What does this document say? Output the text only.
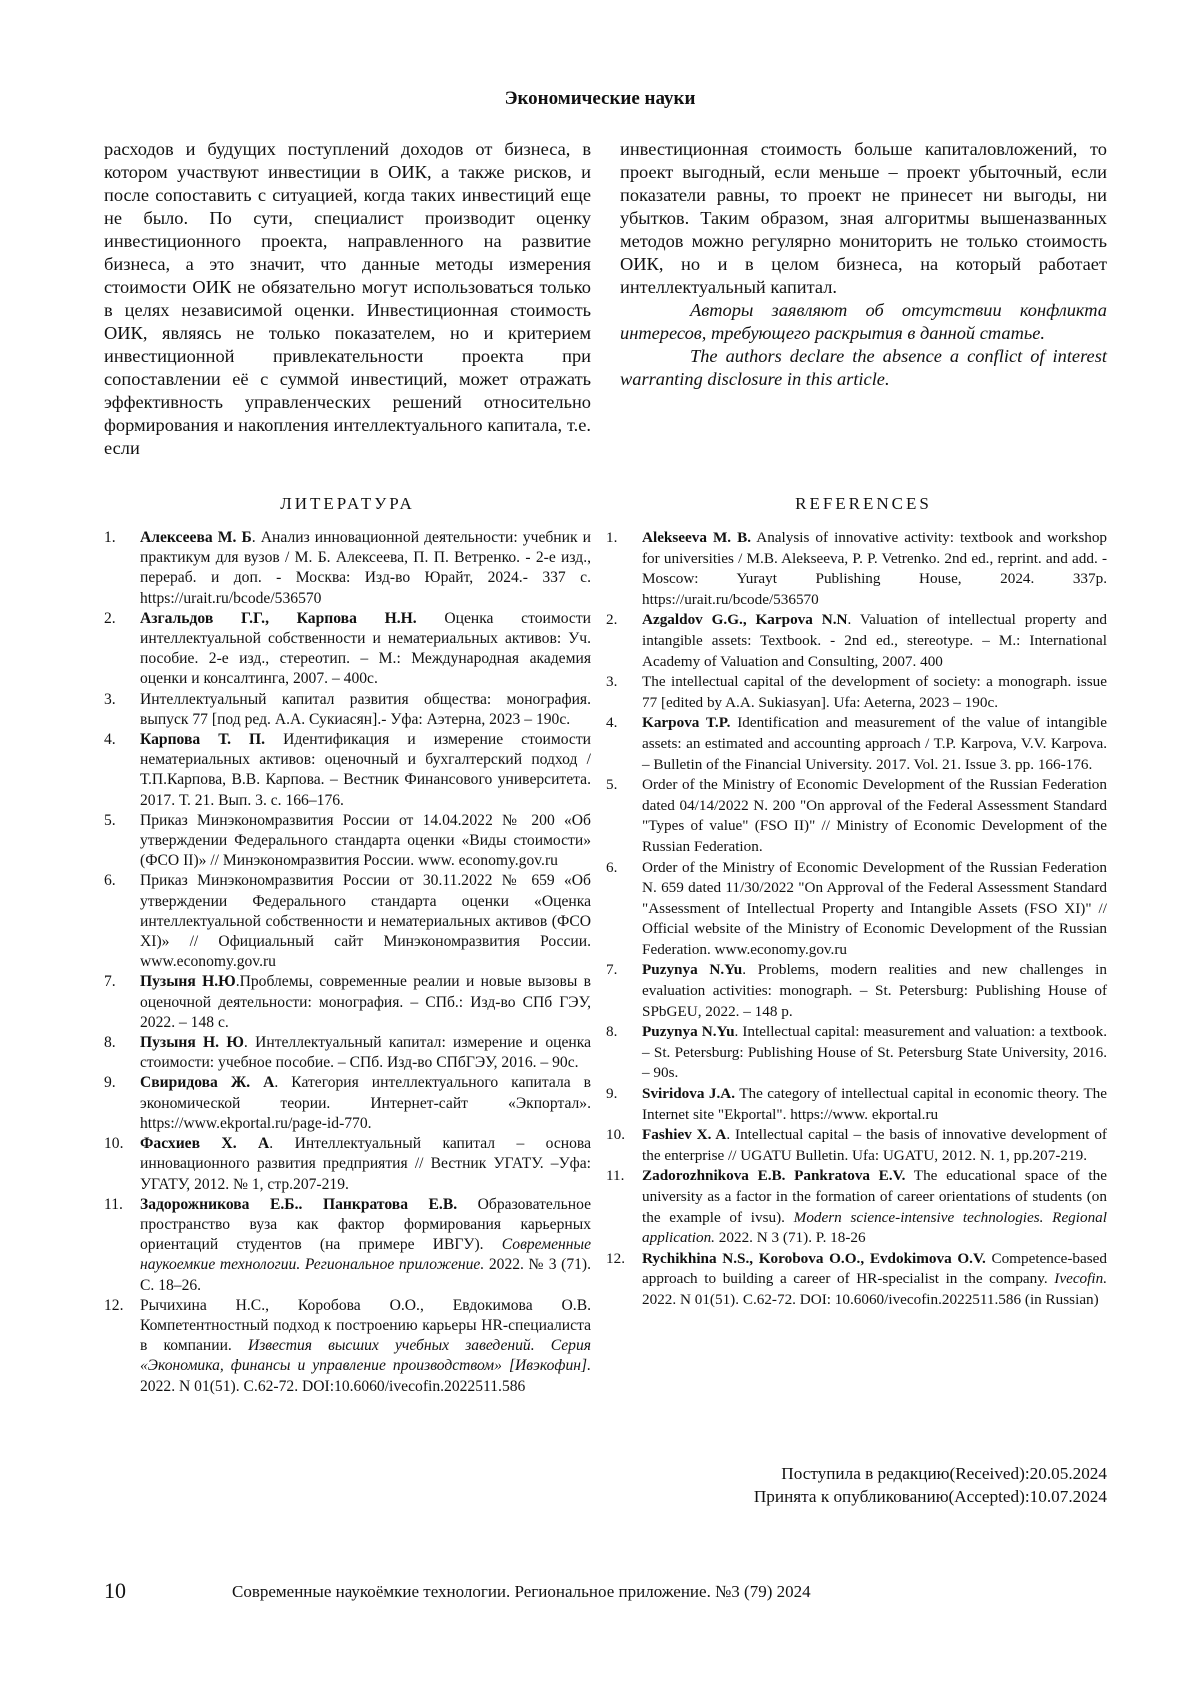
Экономические науки
расходов и будущих поступлений доходов от бизнеса, в котором участвуют инвестиции в ОИК, а также рисков, и после сопоставить с ситуацией, когда таких инвестиций еще не было. По сути, специалист производит оценку инвестиционного проекта, направленного на развитие бизнеса, а это значит, что данные методы измерения стоимости ОИК не обязательно могут использоваться только в целях независимой оценки. Инвестиционная стоимость ОИК, являясь не только показателем, но и критерием инвестиционной привлекательности проекта при сопоставлении её с суммой инвестиций, может отражать эффективность управленческих решений относительно формирования и накопления интеллектуального капитала, т.е. если

инвестиционная стоимость больше капиталовложений, то проект выгодный, если меньше – проект убыточный, если показатели равны, то проект не принесет ни выгоды, ни убытков. Таким образом, зная алгоритмы вышеназванных методов можно регулярно мониторить не только стоимость ОИК, но и в целом бизнеса, на который работает интеллектуальный капитал.

Авторы заявляют об отсутствии конфликта интересов, требующего раскрытия в данной статье.

The authors declare the absence a conflict of interest warranting disclosure in this article.

ЛИТЕРАТУРА	REFERENCES
1. Алексеева М. Б. Анализ инновационной деятельности: учебник и практикум для вузов / М. Б. Алексеева, П. П. Ветренко. - 2-е изд., перераб. и доп. - Москва: Изд-во Юрайт, 2024.- 337 с. https://urait.ru/bcode/536570
2. Азгальдов Г.Г., Карпова Н.Н. Оценка стоимости интеллектуальной собственности и нематериальных активов: Уч. пособие. 2-е изд., стереотип. – М.: Международная академия оценки и консалтинга, 2007. – 400с.
3. Интеллектуальный капитал развития общества: монография. выпуск 77 [под ред. А.А. Сукиасян].- Уфа: Аэтерна, 2023 – 190с.
4. Карпова Т. П. Идентификация и измерение стоимости нематериальных активов: оценочный и бухгалтерский подход / Т.П.Карпова, В.В. Карпова. – Вестник Финансового университета. 2017. Т. 21. Вып. 3. с. 166–176.
5. Приказ Минэкономразвития России от 14.04.2022 № 200 «Об утверждении Федерального стандарта оценки «Виды стоимости» (ФСО II)» // Минэкономразвития России. www. economy.gov.ru
6. Приказ Минэкономразвития России от 30.11.2022 № 659 «Об утверждении Федерального стандарта оценки «Оценка интеллектуальной собственности и нематериальных активов (ФСО XI)» // Официальный сайт Минэкономразвития России. www.economy.gov.ru
7. Пузыня Н.Ю.Проблемы, современные реалии и новые вызовы в оценочной деятельности: монография. – СПб.: Изд-во СПб ГЭУ, 2022. – 148 с.
8. Пузыня Н. Ю. Интеллектуальный капитал: измерение и оценка стоимости: учебное пособие. – СПб. Изд-во СПбГЭУ, 2016. – 90с.
9. Свиридова Ж. А. Категория интеллектуального капитала в экономической теории. Интернет-сайт «Экпортал». https://www.ekportal.ru/page-id-770.
10. Фасхиев Х. А. Интеллектуальный капитал – основа инновационного развития предприятия // Вестник УГАТУ. –Уфа: УГАТУ, 2012. № 1, стр.207-219.
11. Задорожникова Е.Б.. Панкратова Е.В. Образовательное пространство вуза как фактор формирования карьерных ориентаций студентов (на примере ИВГУ). Современные наукоемкие технологии. Региональное приложение. 2022. № 3 (71). С. 18–26.
12. Рычихина Н.С., Коробова О.О., Евдокимова О.В. Компетентностный подход к построению карьеры HR-специалиста в компании. Известия высших учебных заведений. Серия «Экономика, финансы и управление производством» [Ивэкофин]. 2022. N 01(51). C.62-72. DOI:10.6060/ivecofin.2022511.586
1. Alekseeva M. B. Analysis of innovative activity: textbook and workshop for universities / M.B. Alekseeva, P. P. Vetrenko. 2nd ed., reprint. and add. - Moscow: Yurayt Publishing House, 2024. 337p. https://urait.ru/bcode/536570
2. Azgaldov G.G., Karpova N.N. Valuation of intellectual property and intangible assets: Textbook. - 2nd ed., stereotype. – M.: International Academy of Valuation and Consulting, 2007. 400
3. The intellectual capital of the development of society: a monograph. issue 77 [edited by A.A. Sukiasyan]. Ufa: Aeterna, 2023 – 190c.
4. Karpova T.P. Identification and measurement of the value of intangible assets: an estimated and accounting approach / T.P. Karpova, V.V. Karpova. – Bulletin of the Financial University. 2017. Vol. 21. Issue 3. pp. 166-176.
5. Order of the Ministry of Economic Development of the Russian Federation dated 04/14/2022 N. 200 "On approval of the Federal Assessment Standard "Types of value" (FSO II)" // Ministry of Economic Development of the Russian Federation.
6. Order of the Ministry of Economic Development of the Russian Federation N. 659 dated 11/30/2022 "On Approval of the Federal Assessment Standard "Assessment of Intellectual Property and Intangible Assets (FSO XI)" // Official website of the Ministry of Economic Development of the Russian Federation. www.economy.gov.ru
7. Puzynya N.Yu. Problems, modern realities and new challenges in evaluation activities: monograph. – St. Petersburg: Publishing House of SPbGEU, 2022. – 148 p.
8. Puzynya N.Yu. Intellectual capital: measurement and valuation: a textbook. – St. Petersburg: Publishing House of St. Petersburg State University, 2016. – 90s.
9. Sviridova J.A. The category of intellectual capital in economic theory. The Internet site "Ekportal". https://www. ekportal.ru
10. Fashiev X. A. Intellectual capital – the basis of innovative development of the enterprise // UGATU Bulletin. Ufa: UGATU, 2012. N. 1, pp.207-219.
11. Zadorozhnikova E.B. Pankratova E.V. The educational space of the university as a factor in the formation of career orientations of students (on the example of ivsu). Modern science-intensive technologies. Regional application. 2022. N 3 (71). P. 18-26
12. Rychikhina N.S., Korobova O.O., Evdokimova O.V. Competence-based approach to building a career of HR-specialist in the company. Ivecofin. 2022. N 01(51). C.62-72. DOI: 10.6060/ivecofin.2022511.586 (in Russian)
Поступила в редакцию(Received):20.05.2024
Принята к опубликованию(Accepted):10.07.2024
10	Современные наукоёмкие технологии. Региональное приложение. №3 (79) 2024
